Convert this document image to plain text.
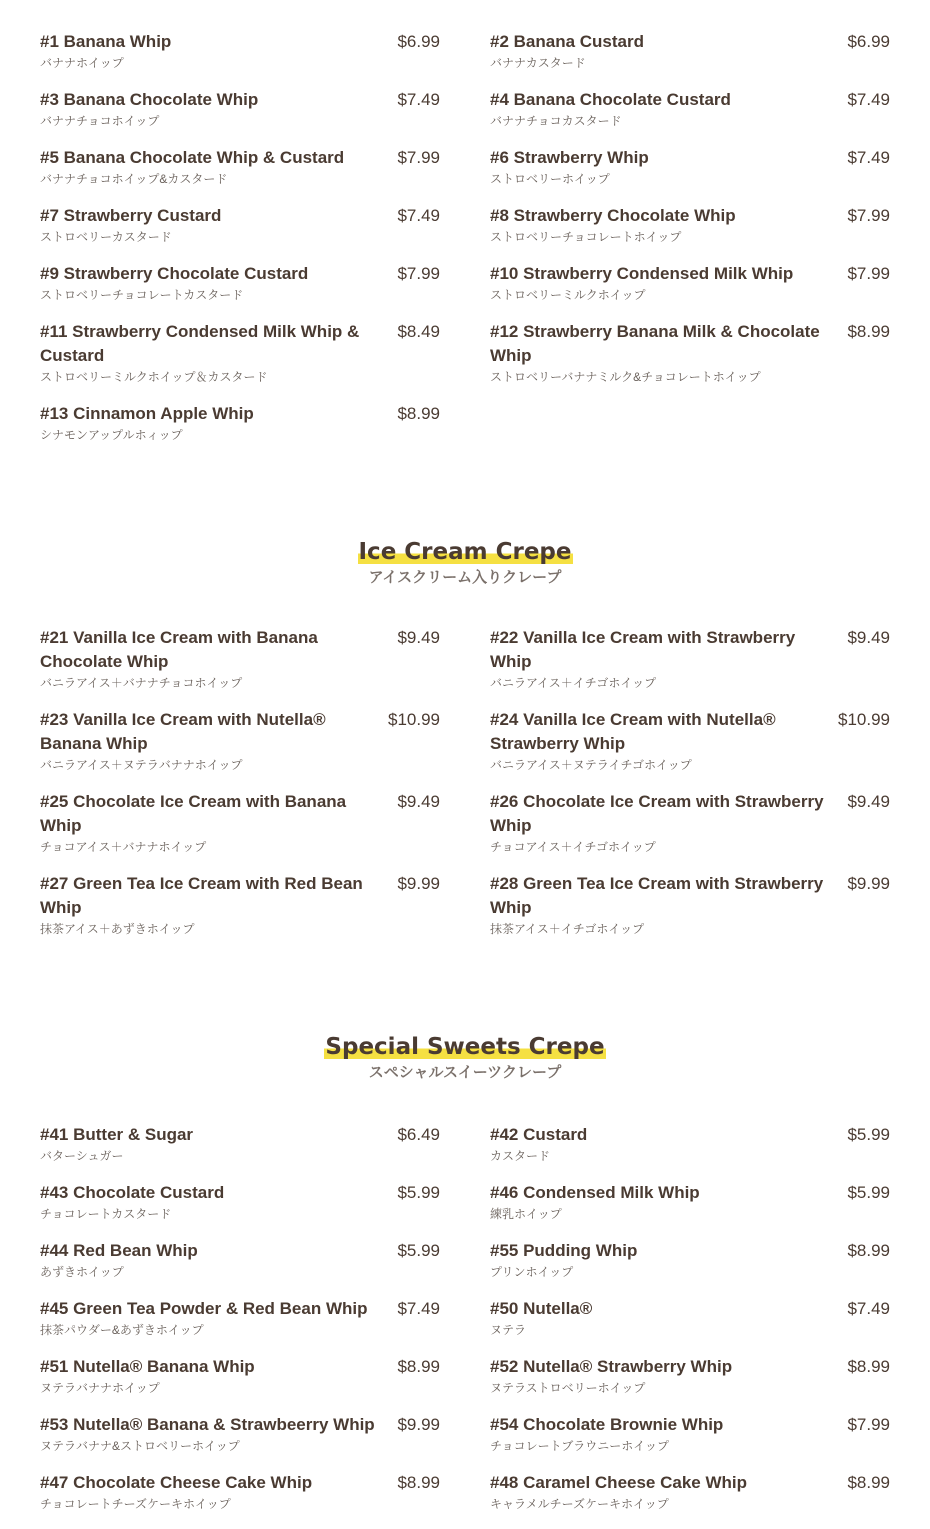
#1 Banana Whip	$6.99
バナナホイップ
#2 Banana Custard	$6.99
バナナカスタード
#3 Banana Chocolate Whip	$7.49
バナナチョコホイップ
#4 Banana Chocolate Custard	$7.49
バナナチョコカスタード
#5 Banana Chocolate Whip & Custard	$7.99
バナナチョコホイップ&カスタード
#6 Strawberry Whip	$7.49
ストロベリーホイップ
#7 Strawberry Custard	$7.49
ストロベリーカスタード
#8 Strawberry Chocolate Whip	$7.99
ストロベリーチョコレートホイップ
#9 Strawberry Chocolate Custard	$7.99
ストロベリーチョコレートカスタード
#10 Strawberry Condensed Milk Whip	$7.99
ストロベリーミルクホイップ
#11 Strawberry Condensed Milk Whip & Custard
$8.49
ストロベリーミルクホイップ＆カスタード
#12 Strawberry Banana Milk & Chocolate Whip
$8.99
ストロベリーバナナミルク&チョコレートホイップ
#13 Cinnamon Apple Whip	$8.99
シナモンアップルホィップ
Ice Cream Crepe
アイスクリーム入りクレープ
#21 Vanilla Ice Cream with Banana Chocolate Whip
$9.49
バニラアイス＋バナナチョコホイップ
#22 Vanilla Ice Cream with Strawberry Whip
$9.49
バニラアイス＋イチゴホイップ
#23 Vanilla Ice Cream with Nutella® Banana Whip
$10.99
バニラアイス＋ヌテラバナナホイップ
#24 Vanilla Ice Cream with Nutella® Strawberry Whip
$10.99
バニラアイス＋ヌテライチゴホイップ
#25 Chocolate Ice Cream with Banana Whip
$9.49
チョコアイス＋バナナホイップ
#26 Chocolate Ice Cream with Strawberry Whip
$9.49
チョコアイス＋イチゴホイップ
#27 Green Tea Ice Cream with Red Bean Whip
$9.99
抹茶アイス＋あずきホイップ
#28 Green Tea Ice Cream with Strawberry Whip
$9.99
抹茶アイス＋イチゴホイップ
Special Sweets Crepe
スペシャルスイーツクレープ
#41 Butter & Sugar	$6.49
バターシュガー
#42 Custard	$5.99
カスタード
#43 Chocolate Custard	$5.99
チョコレートカスタード
#46 Condensed Milk Whip	$5.99
練乳ホイップ
#44 Red Bean Whip	$5.99
あずきホイップ
#55 Pudding Whip	$8.99
プリンホイップ
#45 Green Tea Powder & Red Bean Whip	$7.49
抹茶パウダー&あずきホイップ
#50 Nutella®	$7.49
ヌテラ
#51 Nutella® Banana Whip	$8.99
ヌテラバナナホイップ
#52 Nutella® Strawberry Whip	$8.99
ヌテラストロベリーホイップ
#53 Nutella® Banana & Strawbeerry Whip	$9.99
ヌテラバナナ&ストロベリーホイップ
#54 Chocolate Brownie Whip	$7.99
チョコレートブラウニーホイップ
#47 Chocolate Cheese Cake Whip	$8.99
チョコレートチーズケーキホイップ
#48 Caramel Cheese Cake Whip	$8.99
キャラメルチーズケーキホイップ
